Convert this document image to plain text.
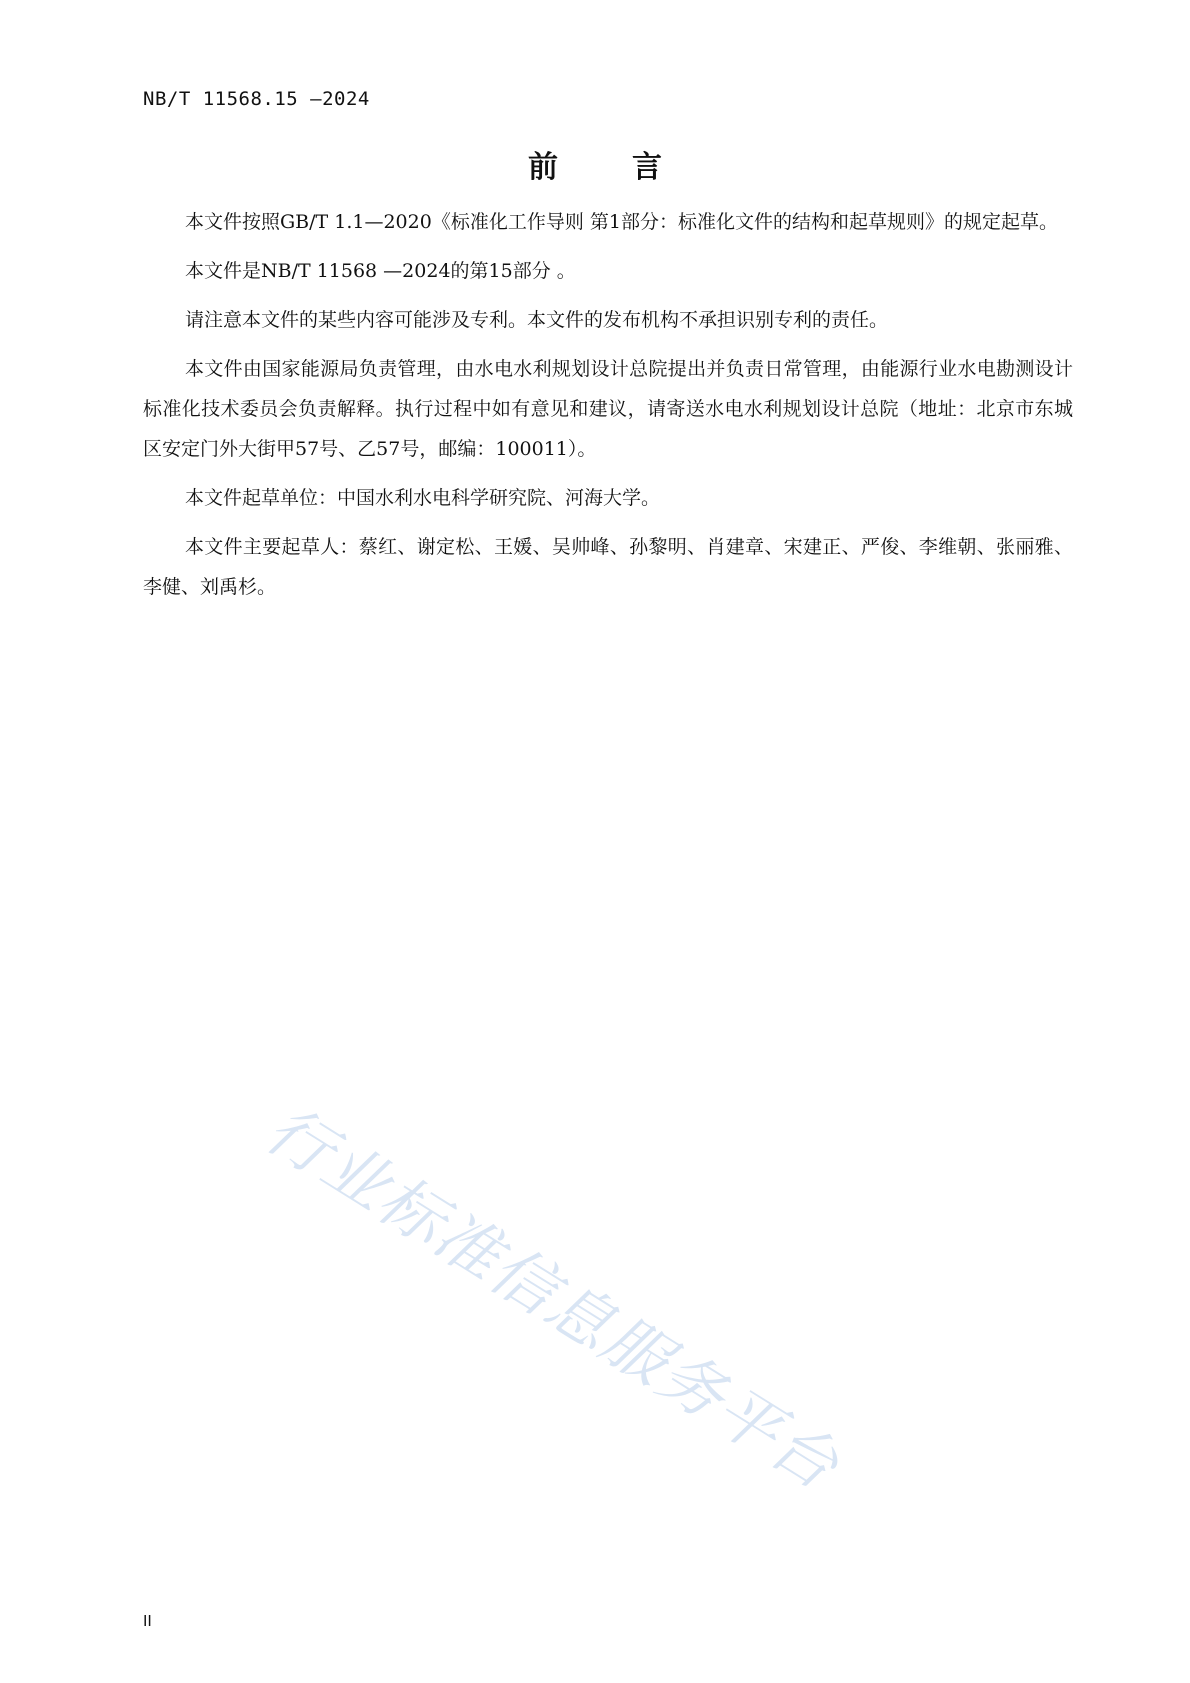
NB/T 11568.15 —2024
前　言

本文件按照GB/T 1.1—2020《标准化工作导则 第1部分：标准化文件的结构和起草规则》的规定起草。

本文件是NB/T 11568 —2024的第15部分 。

请注意本文件的某些内容可能涉及专利。本文件的发布机构不承担识别专利的责任。

本文件由国家能源局负责管理，由水电水利规划设计总院提出并负责日常管理，由能源行业水电勘测设计标准化技术委员会负责解释。执行过程中如有意见和建议，请寄送水电水利规划设计总院（地址：北京市东城区安定门外大街甲57号、乙57号，邮编：100011）。

本文件起草单位：中国水利水电科学研究院、河海大学。

本文件主要起草人：蔡红、谢定松、王媛、吴帅峰、孙黎明、肖建章、宋建正、严俊、李维朝、张丽雅、李健、刘禹杉。

行业标准信息服务平台
II
